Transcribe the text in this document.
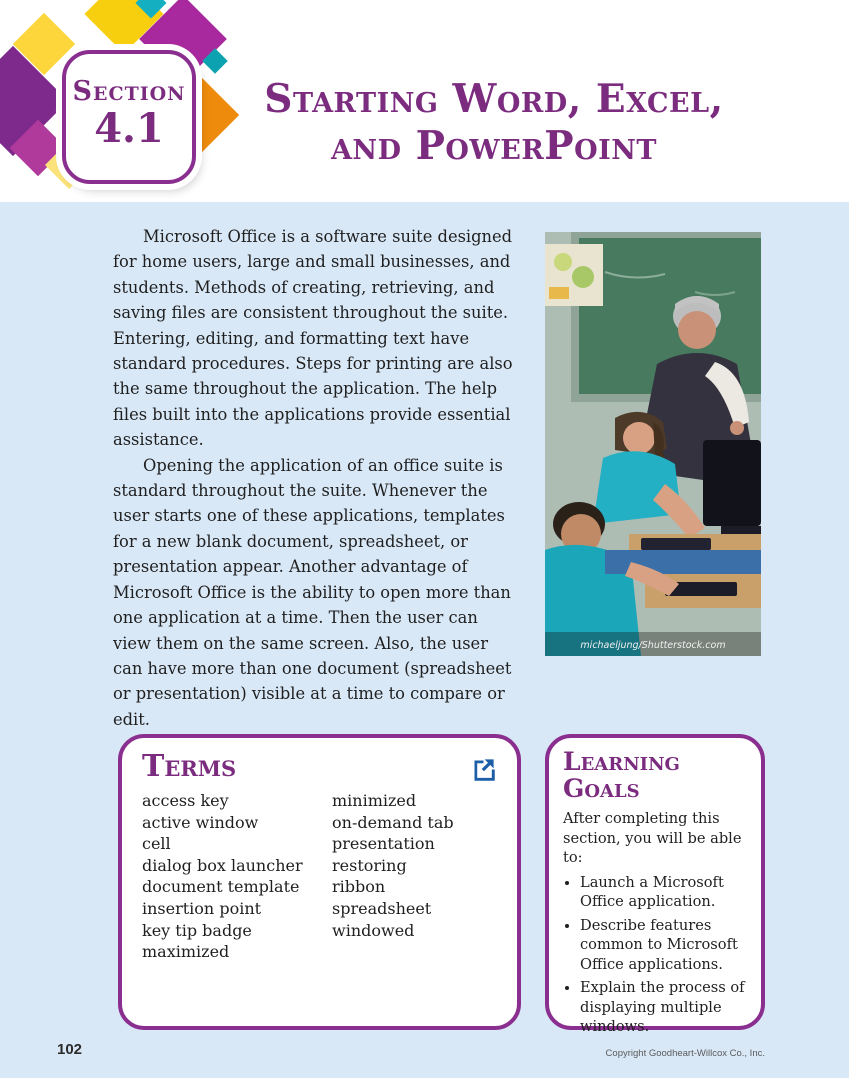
Section
4.1
Starting Word, Excel,
and PowerPoint

Microsoft Office is a software suite designed for home users, large and small businesses, and students. Methods of creating, retrieving, and saving files are consistent throughout the suite. Entering, editing, and formatting text have standard procedures. Steps for printing are also the same throughout the application. The help files built into the applications provide essential assistance.

Opening the application of an office suite is standard throughout the suite. Whenever the user starts one of these applications, templates for a new blank document, spreadsheet, or presentation appear. Another advantage of Microsoft Office is the ability to open more than one application at a time. Then the user can view them on the same screen. Also, the user can have more than one document (spreadsheet or presentation) visible at a time to compare or edit.

michaeljung/Shutterstock.com
Terms
access key
active window
cell
dialog box launcher
document template
insertion point
key tip badge
maximized
minimized
on-demand tab
presentation
restoring
ribbon
spreadsheet
windowed
Learning
Goals
After completing this section, you will be able to:
• Launch a Microsoft Office application.
• Describe features common to Microsoft Office applications.
• Explain the process of displaying multiple windows.
102	Copyright Goodheart-Willcox Co., Inc.
